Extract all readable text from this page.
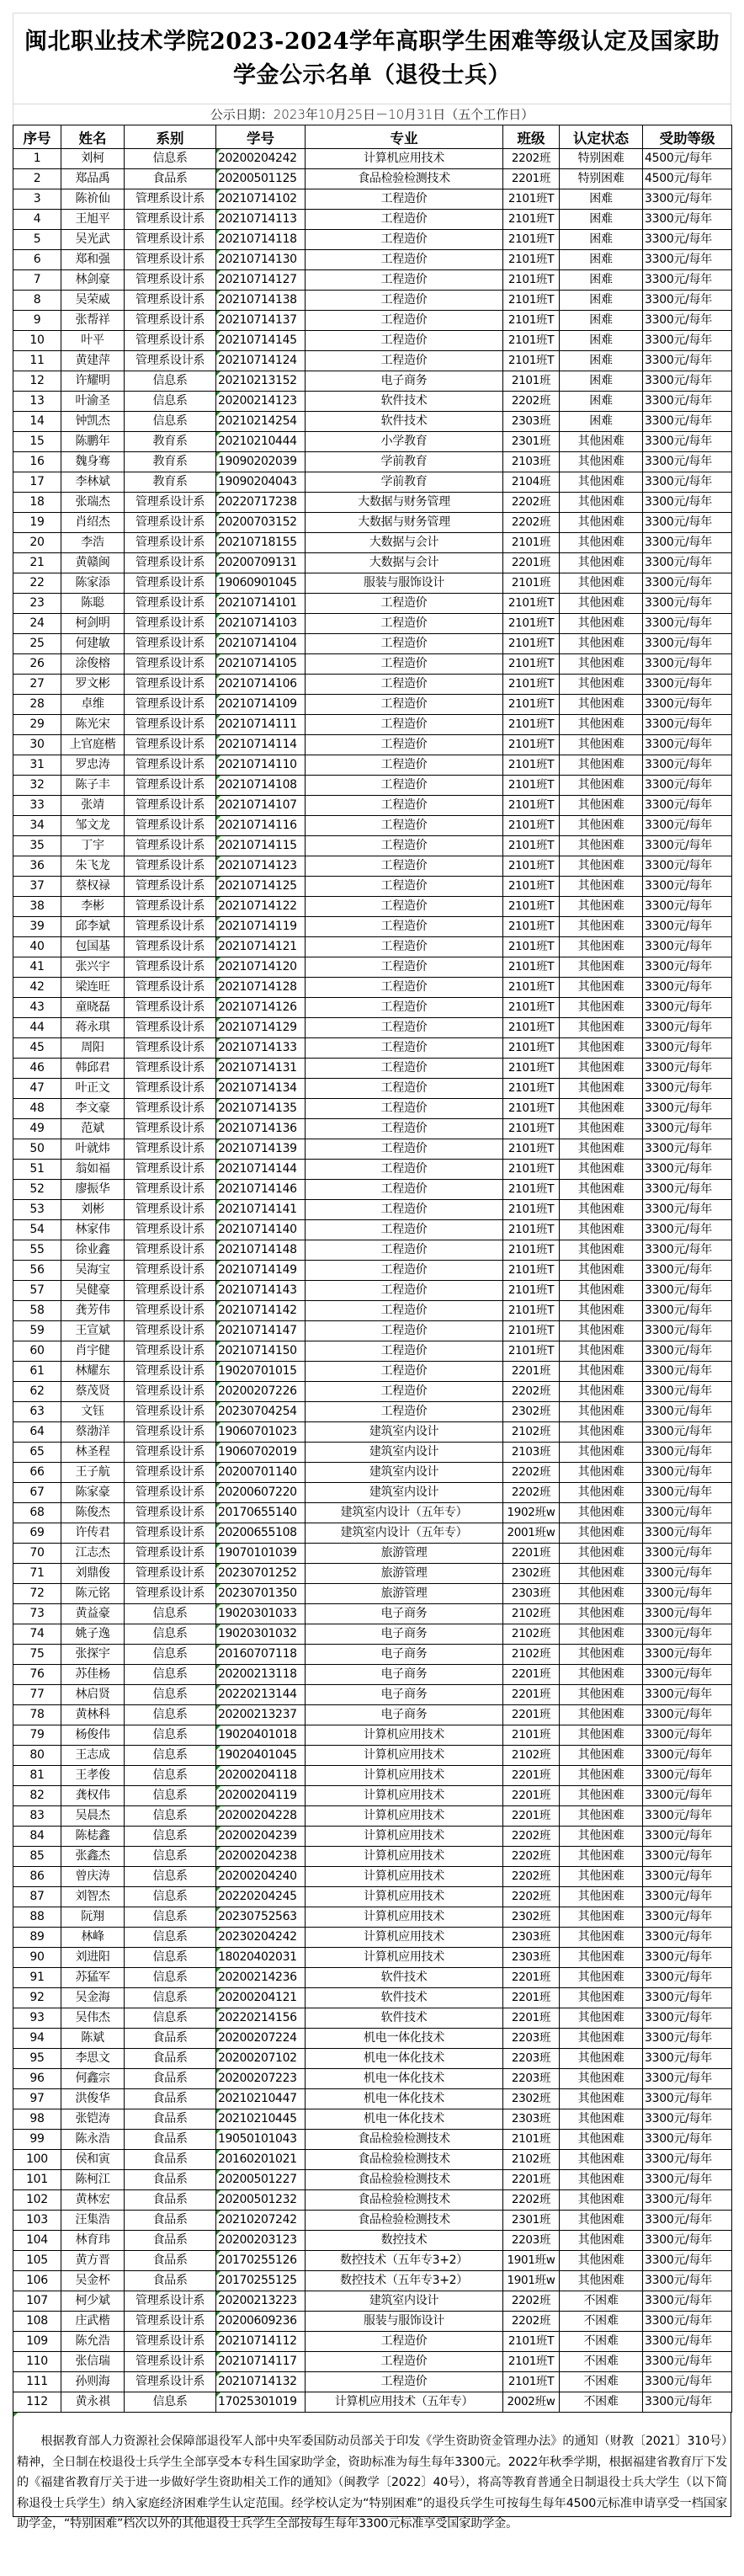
闽北职业技术学院2023-2024学年高职学生困难等级认定及国家助学金公示名单（退役士兵）
公示日期：2023年10月25日－10月31日（五个工作日）
序号	姓名	系别	学号	专业	班级	认定状态	受助等级
1	刘柯	信息系	20200204242	计算机应用技术	2202班	特别困难	4500元/每年
2	郑品禹	食品系	20200501125	食品检验检测技术	2201班	特别困难	4500元/每年
3	陈祄仙	管理系设计系	20210714102	工程造价	2101班T	困难	3300元/每年
4	王旭平	管理系设计系	20210714113	工程造价	2101班T	困难	3300元/每年
5	吴光武	管理系设计系	20210714118	工程造价	2101班T	困难	3300元/每年
6	郑和强	管理系设计系	20210714130	工程造价	2101班T	困难	3300元/每年
7	林剑豪	管理系设计系	20210714127	工程造价	2101班T	困难	3300元/每年
8	吴荣威	管理系设计系	20210714138	工程造价	2101班T	困难	3300元/每年
9	张帮祥	管理系设计系	20210714137	工程造价	2101班T	困难	3300元/每年
10	叶平	管理系设计系	20210714145	工程造价	2101班T	困难	3300元/每年
11	黄建萍	管理系设计系	20210714124	工程造价	2101班T	困难	3300元/每年
12	许耀明	信息系	20210213152	电子商务	2101班	困难	3300元/每年
13	叶渝圣	信息系	20200214123	软件技术	2202班	困难	3300元/每年
14	钟凯杰	信息系	20210214254	软件技术	2303班	困难	3300元/每年
15	陈鹏年	教育系	20210210444	小学教育	2301班	其他困难	3300元/每年
16	魏身骞	教育系	19090202039	学前教育	2103班	其他困难	3300元/每年
17	李林斌	教育系	19090204043	学前教育	2104班	其他困难	3300元/每年
18	张瑞杰	管理系设计系	20220717238	大数据与财务管理	2202班	其他困难	3300元/每年
19	肖绍杰	管理系设计系	20200703152	大数据与财务管理	2202班	其他困难	3300元/每年
20	李浩	管理系设计系	20210718155	大数据与会计	2101班	其他困难	3300元/每年
21	黄赣闽	管理系设计系	20200709131	大数据与会计	2201班	其他困难	3300元/每年
22	陈家添	管理系设计系	19060901045	服装与服饰设计	2101班	其他困难	3300元/每年
23	陈聪	管理系设计系	20210714101	工程造价	2101班T	其他困难	3300元/每年
24	柯剑明	管理系设计系	20210714103	工程造价	2101班T	其他困难	3300元/每年
25	何建敏	管理系设计系	20210714104	工程造价	2101班T	其他困难	3300元/每年
26	涂俊榕	管理系设计系	20210714105	工程造价	2101班T	其他困难	3300元/每年
27	罗文彬	管理系设计系	20210714106	工程造价	2101班T	其他困难	3300元/每年
28	卓维	管理系设计系	20210714109	工程造价	2101班T	其他困难	3300元/每年
29	陈光宋	管理系设计系	20210714111	工程造价	2101班T	其他困难	3300元/每年
30	上官庭楷	管理系设计系	20210714114	工程造价	2101班T	其他困难	3300元/每年
31	罗忠涛	管理系设计系	20210714110	工程造价	2101班T	其他困难	3300元/每年
32	陈子丰	管理系设计系	20210714108	工程造价	2101班T	其他困难	3300元/每年
33	张靖	管理系设计系	20210714107	工程造价	2101班T	其他困难	3300元/每年
34	邹文龙	管理系设计系	20210714116	工程造价	2101班T	其他困难	3300元/每年
35	丁宇	管理系设计系	20210714115	工程造价	2101班T	其他困难	3300元/每年
36	朱飞龙	管理系设计系	20210714123	工程造价	2101班T	其他困难	3300元/每年
37	蔡权禄	管理系设计系	20210714125	工程造价	2101班T	其他困难	3300元/每年
38	李彬	管理系设计系	20210714122	工程造价	2101班T	其他困难	3300元/每年
39	邱李斌	管理系设计系	20210714119	工程造价	2101班T	其他困难	3300元/每年
40	包国基	管理系设计系	20210714121	工程造价	2101班T	其他困难	3300元/每年
41	张兴宇	管理系设计系	20210714120	工程造价	2101班T	其他困难	3300元/每年
42	梁连旺	管理系设计系	20210714128	工程造价	2101班T	其他困难	3300元/每年
43	童晓磊	管理系设计系	20210714126	工程造价	2101班T	其他困难	3300元/每年
44	蒋永琪	管理系设计系	20210714129	工程造价	2101班T	其他困难	3300元/每年
45	周阳	管理系设计系	20210714133	工程造价	2101班T	其他困难	3300元/每年
46	韩邱君	管理系设计系	20210714131	工程造价	2101班T	其他困难	3300元/每年
47	叶正文	管理系设计系	20210714134	工程造价	2101班T	其他困难	3300元/每年
48	李文豪	管理系设计系	20210714135	工程造价	2101班T	其他困难	3300元/每年
49	范斌	管理系设计系	20210714136	工程造价	2101班T	其他困难	3300元/每年
50	叶就炜	管理系设计系	20210714139	工程造价	2101班T	其他困难	3300元/每年
51	翁如福	管理系设计系	20210714144	工程造价	2101班T	其他困难	3300元/每年
52	廖振华	管理系设计系	20210714146	工程造价	2101班T	其他困难	3300元/每年
53	刘彬	管理系设计系	20210714141	工程造价	2101班T	其他困难	3300元/每年
54	林家伟	管理系设计系	20210714140	工程造价	2101班T	其他困难	3300元/每年
55	徐业鑫	管理系设计系	20210714148	工程造价	2101班T	其他困难	3300元/每年
56	吴海宝	管理系设计系	20210714149	工程造价	2101班T	其他困难	3300元/每年
57	吴健豪	管理系设计系	20210714143	工程造价	2101班T	其他困难	3300元/每年
58	龚芳伟	管理系设计系	20210714142	工程造价	2101班T	其他困难	3300元/每年
59	王宣斌	管理系设计系	20210714147	工程造价	2101班T	其他困难	3300元/每年
60	肖宇健	管理系设计系	20210714150	工程造价	2101班T	其他困难	3300元/每年
61	林耀东	管理系设计系	19020701015	工程造价	2201班	其他困难	3300元/每年
62	蔡茂贤	管理系设计系	20200207226	工程造价	2202班	其他困难	3300元/每年
63	文钰	管理系设计系	20230704254	工程造价	2302班	其他困难	3300元/每年
64	蔡渤洋	管理系设计系	19060701023	建筑室内设计	2102班	其他困难	3300元/每年
65	林圣程	管理系设计系	19060702019	建筑室内设计	2103班	其他困难	3300元/每年
66	王子航	管理系设计系	20200701140	建筑室内设计	2202班	其他困难	3300元/每年
67	陈家豪	管理系设计系	20200607220	建筑室内设计	2202班	其他困难	3300元/每年
68	陈俊杰	管理系设计系	20170655140	建筑室内设计（五年专）	1902班w	其他困难	3300元/每年
69	许传君	管理系设计系	20200655108	建筑室内设计（五年专）	2001班w	其他困难	3300元/每年
70	江志杰	管理系设计系	19070101039	旅游管理	2201班	其他困难	3300元/每年
71	刘鼎俊	管理系设计系	20230701252	旅游管理	2302班	其他困难	3300元/每年
72	陈元铭	管理系设计系	20230701350	旅游管理	2303班	其他困难	3300元/每年
73	黄益豪	信息系	19020301033	电子商务	2102班	其他困难	3300元/每年
74	姚子逸	信息系	19020301032	电子商务	2102班	其他困难	3300元/每年
75	张探宇	信息系	20160707118	电子商务	2102班	其他困难	3300元/每年
76	苏佳杨	信息系	20200213118	电子商务	2201班	其他困难	3300元/每年
77	林启贤	信息系	20220213144	电子商务	2201班	其他困难	3300元/每年
78	黄林科	信息系	20200213237	电子商务	2201班	其他困难	3300元/每年
79	杨俊伟	信息系	19020401018	计算机应用技术	2101班	其他困难	3300元/每年
80	王志成	信息系	19020401045	计算机应用技术	2102班	其他困难	3300元/每年
81	王孝俊	信息系	20200204118	计算机应用技术	2201班	其他困难	3300元/每年
82	龚权伟	信息系	20200204119	计算机应用技术	2201班	其他困难	3300元/每年
83	吴晨杰	信息系	20200204228	计算机应用技术	2201班	其他困难	3300元/每年
84	陈梽鑫	信息系	20200204239	计算机应用技术	2202班	其他困难	3300元/每年
85	张鑫杰	信息系	20200204238	计算机应用技术	2202班	其他困难	3300元/每年
86	曾庆涛	信息系	20200204240	计算机应用技术	2202班	其他困难	3300元/每年
87	刘智杰	信息系	20220204245	计算机应用技术	2202班	其他困难	3300元/每年
88	阮翔	信息系	20230752563	计算机应用技术	2302班	其他困难	3300元/每年
89	林峰	信息系	20230204242	计算机应用技术	2303班	其他困难	3300元/每年
90	刘进阳	信息系	18020402031	计算机应用技术	2303班	其他困难	3300元/每年
91	苏猛军	信息系	20200214236	软件技术	2201班	其他困难	3300元/每年
92	吴金海	信息系	20200204121	软件技术	2201班	其他困难	3300元/每年
93	吴伟杰	信息系	20220214156	软件技术	2201班	其他困难	3300元/每年
94	陈斌	食品系	20200207224	机电一体化技术	2203班	其他困难	3300元/每年
95	李思文	食品系	20200207102	机电一体化技术	2203班	其他困难	3300元/每年
96	何鑫宗	食品系	20200207223	机电一体化技术	2203班	其他困难	3300元/每年
97	洪俊华	食品系	20210210447	机电一体化技术	2302班	其他困难	3300元/每年
98	张铠涛	食品系	20210210445	机电一体化技术	2303班	其他困难	3300元/每年
99	陈永浩	食品系	19050101043	食品检验检测技术	2101班	其他困难	3300元/每年
100	侯和寅	食品系	20160201021	食品检验检测技术	2102班	其他困难	3300元/每年
101	陈柯江	食品系	20200501227	食品检验检测技术	2201班	其他困难	3300元/每年
102	黄林宏	食品系	20200501232	食品检验检测技术	2202班	其他困难	3300元/每年
103	汪集浩	食品系	20210207242	食品检验检测技术	2301班	其他困难	3300元/每年
104	林育玮	食品系	20200203123	数控技术	2203班	其他困难	3300元/每年
105	黄方晋	食品系	20170255126	数控技术（五年专3+2）	1901班w	其他困难	3300元/每年
106	吴金杯	食品系	20170255125	数控技术（五年专3+2）	1901班w	其他困难	3300元/每年
107	柯少斌	管理系设计系	20200213223	建筑室内设计	2202班	不困难	3300元/每年
108	庄武楷	管理系设计系	20200609236	服装与服饰设计	2202班	不困难	3300元/每年
109	陈允浩	管理系设计系	20210714112	工程造价	2101班T	不困难	3300元/每年
110	张信瑞	管理系设计系	20210714117	工程造价	2101班T	不困难	3300元/每年
111	孙则海	管理系设计系	20210714132	工程造价	2101班T	不困难	3300元/每年
112	黄永祺	信息系	17025301019	计算机应用技术（五年专）	2002班w	不困难	3300元/每年
根据教育部人力资源社会保障部退役军人部中央军委国防动员部关于印发《学生资助资金管理办法》的通知（财教〔2021〕310号）精神，全日制在校退役士兵学生全部享受本专科生国家助学金，资助标准为每生每年3300元。2022年秋季学期，根据福建省教育厅下发的《福建省教育厅关于进一步做好学生资助相关工作的通知》（闽教学〔2022〕40号），将高等教育普通全日制退役士兵大学生（以下简称退役士兵学生）纳入家庭经济困难学生认定范围。经学校认定为“特别困难”的退役兵学生可按每生每年4500元标准申请享受一档国家助学金，“特别困难”档次以外的其他退役士兵学生全部按每生每年3300元标准享受国家助学金。
